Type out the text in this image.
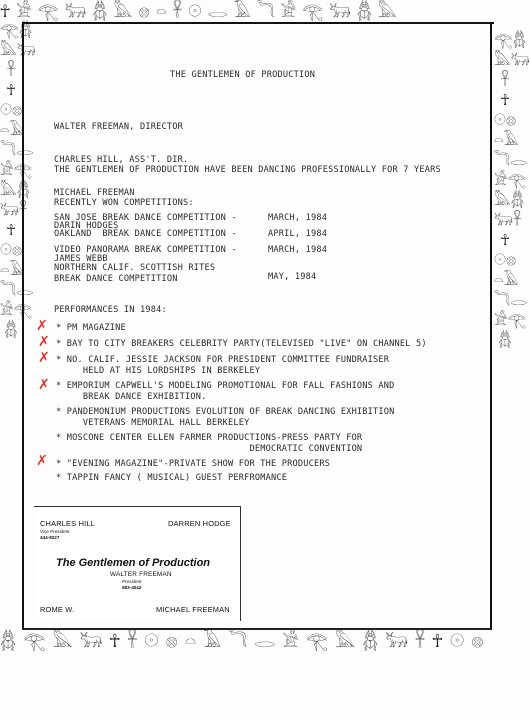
☥𓀀𓂀𓃒𓆣𓅓𓊖𓏏𓋹𓇳𓂋𓄿𓆓𓀀𓂀𓃒𓆣𓅓
𓂀𓆣𓅓𓃒𓋹☥𓇳𓊖𓏏𓄿𓆓𓂋𓀀𓂀𓅓𓆣𓃒𓋹☥𓇳𓊖𓏏𓄿𓆓𓂋𓀀𓂀𓆣
𓂀𓆣𓅓𓃒𓋹☥𓇳𓊖𓏏𓄿𓆓𓂋𓀀𓂀𓅓𓆣𓃒𓋹☥𓇳𓊖𓏏𓄿𓆓𓂋𓀀𓂀𓆣
𓆣𓂀𓅓𓃒☥𓋹𓇳𓊖𓏏𓄿𓆓𓂋𓀀𓂀𓅓𓆣𓃒𓋹☥𓇳𓊖
THE GENTLEMEN OF PRODUCTION

WALTER FREEMAN, DIRECTOR

CHARLES HILL, ASS'T. DIR.

MICHAEL FREEMAN

DARIN HODGES

JAMES WEBB

THE GENTLEMEN OF PRODUCTION HAVE BEEN DANCING PROFESSIONALLY FOR 7 YEARS
RECENTLY WON COMPETITIONS:
SAN JOSE BREAK DANCE COMPETITION -	MARCH, 1984
OAKLAND  BREAK DANCE COMPETITION -	APRIL, 1984
VIDEO PANORAMA BREAK COMPETITION -	MARCH, 1984
NORTHERN CALIF. SCOTTISH RITES
BREAK DANCE COMPETITION	MAY, 1984
PERFORMANCES IN 1984:
* PM MAGAZINE
* BAY TO CITY BREAKERS CELEBRITY PARTY(TELEVISED "LIVE" ON CHANNEL 5)
* NO. CALIF. JESSIE JACKSON FOR PRESIDENT COMMITTEE FUNDRAISER
HELD AT HIS LORDSHIPS IN BERKELEY
* EMPORIUM CAPWELL'S MODELING PROMOTIONAL FOR FALL FASHIONS AND
BREAK DANCE EXHIBITION.
* PANDEMONIUM PRODUCTIONS EVOLUTION OF BREAK DANCING EXHIBITION
VETERANS MEMORIAL HALL BERKELEY
* MOSCONE CENTER ELLEN FARMER PRODUCTIONS-PRESS PARTY FOR
DEMOCRATIC CONVENTION
* "EVENING MAGAZINE"-PRIVATE SHOW FOR THE PRODUCERS
* TAPPIN FANCY ( MUSICAL) GUEST PERFROMANCE
✗
✗
✗
✗
✗
CHARLES HILL
Vice President
444-8227
DARREN HODGE
The Gentlemen of Production
WALTER FREEMAN
President
583-4042
ROME W.	MICHAEL FREEMAN
